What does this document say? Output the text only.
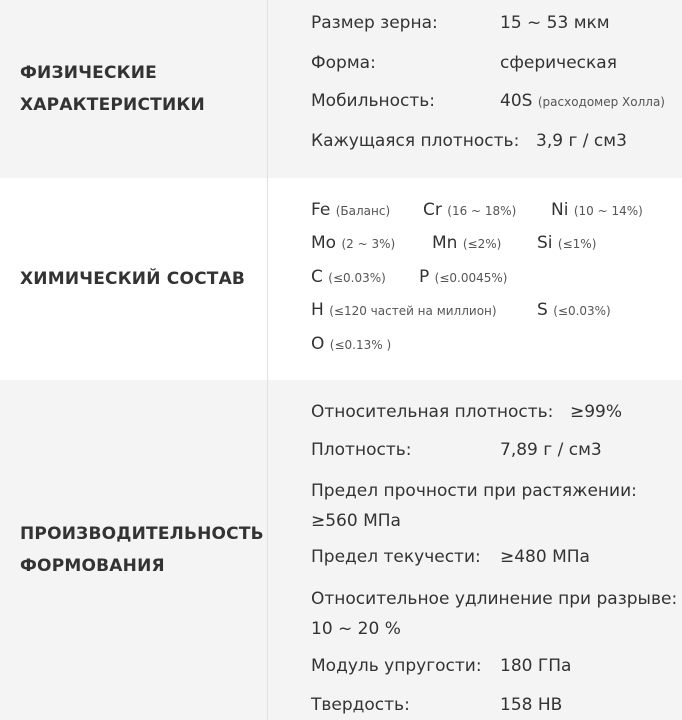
ФИЗИЧЕСКИЕ
ХАРАКТЕРИСТИКИ
Размер зерна:	15 ~ 53 мкм
Форма:	сферическая
Мобильность:	40S (расходомер Холла)
Кажущаяся плотность: 3,9 г / см3
ХИМИЧЕСКИЙ СОСТАВ
Fe (Баланс) Cr (16 ~ 18%) Ni (10 ~ 14%)
Mo (2 ~ 3%) Mn (≤2%) Si (≤1%)
C (≤0.03%) P (≤0.0045%)
H (≤120 частей на миллион) S (≤0.03%)
O (≤0.13% )
ПРОИЗВОДИТЕЛЬНОСТЬ
ФОРМОВАНИЯ
Относительная плотность: ≥99%
Плотность:	7,89 г / см3
Предел прочности при растяжении:
≥560 МПа
Предел текучести: ≥480 МПа
Относительное удлинение при разрыве:
10 ~ 20 %
Модуль упругости: 180 ГПа
Твердость:	158 HB
